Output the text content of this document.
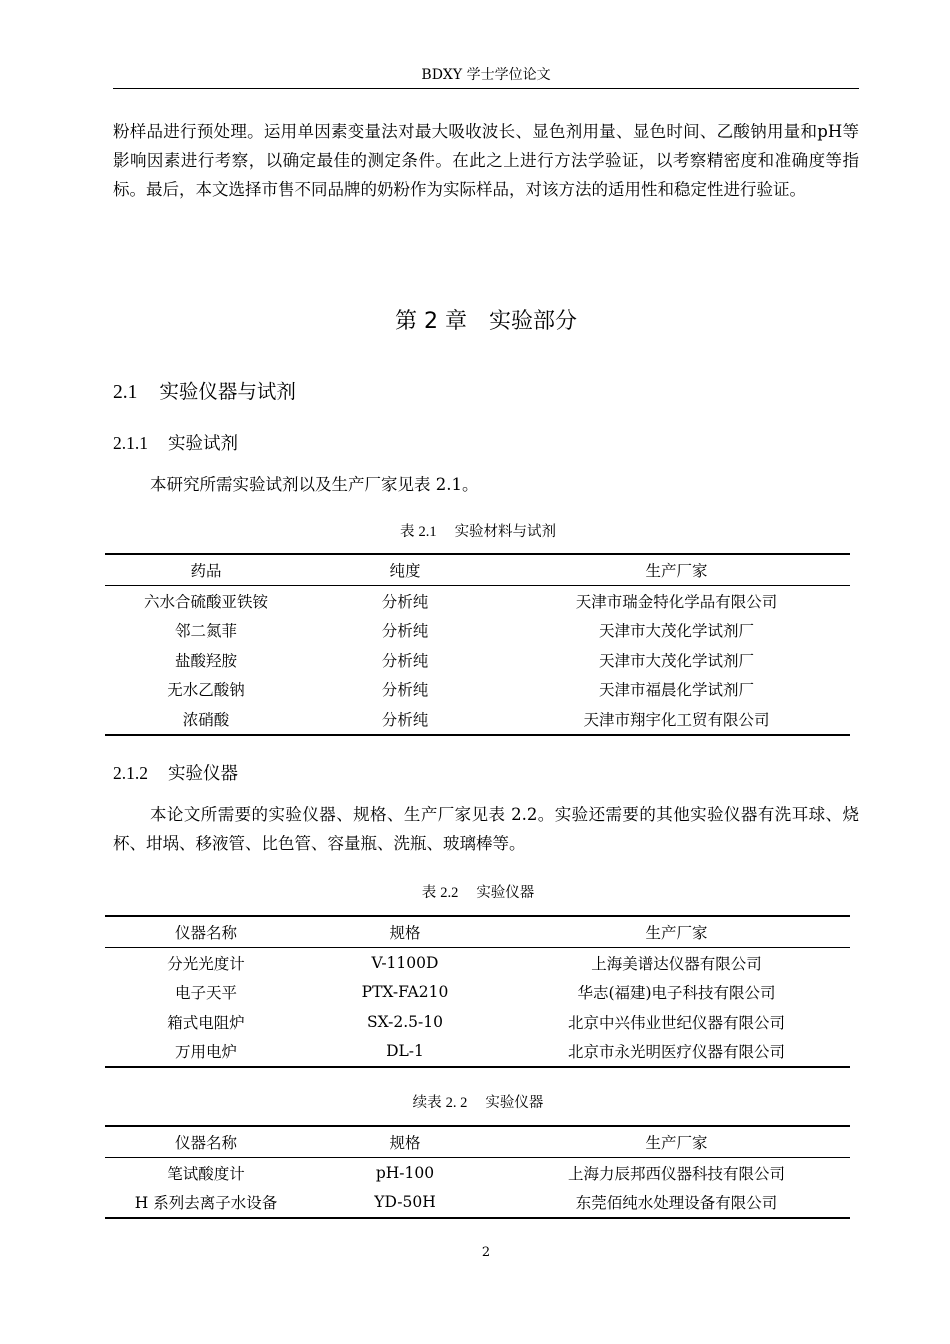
BDXY 学士学位论文
粉样品进行预处理。运用单因素变量法对最大吸收波长、显色剂用量、显色时间、乙酸钠用量和pH等影响因素进行考察，以确定最佳的测定条件。在此之上进行方法学验证，以考察精密度和准确度等指标。最后，本文选择市售不同品牌的奶粉作为实际样品，对该方法的适用性和稳定性进行验证。
第 2 章　实验部分
2.1 实验仪器与试剂
2.1.1 实验试剂
本研究所需实验试剂以及生产厂家见表 2.1。
表 2.1 实验材料与试剂
药品	纯度	生产厂家
六水合硫酸亚铁铵	分析纯	天津市瑞金特化学品有限公司
邻二氮菲	分析纯	天津市大茂化学试剂厂
盐酸羟胺	分析纯	天津市大茂化学试剂厂
无水乙酸钠	分析纯	天津市福晨化学试剂厂
浓硝酸	分析纯	天津市翔宇化工贸有限公司
2.1.2 实验仪器
本论文所需要的实验仪器、规格、生产厂家见表 2.2。实验还需要的其他实验仪器有洗耳球、烧杯、坩埚、移液管、比色管、容量瓶、洗瓶、玻璃棒等。
表 2.2 实验仪器
仪器名称	规格	生产厂家
分光光度计	V-1100D	上海美谱达仪器有限公司
电子天平	PTX-FA210	华志(福建)电子科技有限公司
箱式电阻炉	SX-2.5-10	北京中兴伟业世纪仪器有限公司
万用电炉	DL-1	北京市永光明医疗仪器有限公司
续表 2. 2 实验仪器
仪器名称	规格	生产厂家
笔试酸度计	pH-100	上海力辰邦西仪器科技有限公司
H 系列去离子水设备	YD-50H	东莞佰纯水处理设备有限公司
2
